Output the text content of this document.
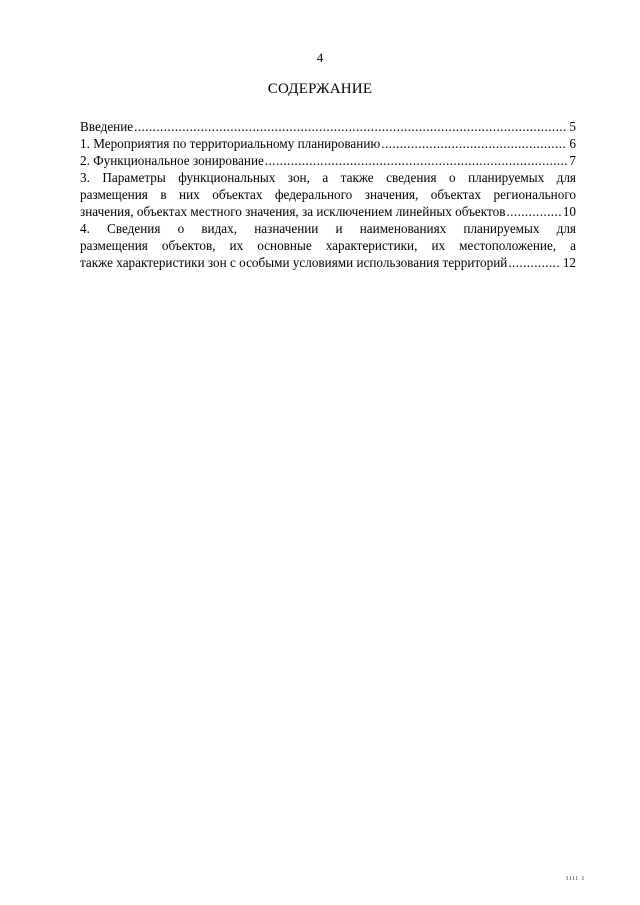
4
СОДЕРЖАНИЕ
Введение .....	5
1. Мероприятия по территориальному планированию .....	6
2. Функциональное зонирование .....	7
3. Параметры функциональных зон, а также сведения о планируемых для
размещения в них объектах федерального значения, объектах регионального
значения, объектах местного значения, за исключением линейных объектов .....	10
4. Сведения о видах, назначении и наименованиях планируемых для
размещения объектов, их основные характеристики, их местоположение, а
также характеристики зон с особыми условиями использования территорий .....	12
ıııı ı
